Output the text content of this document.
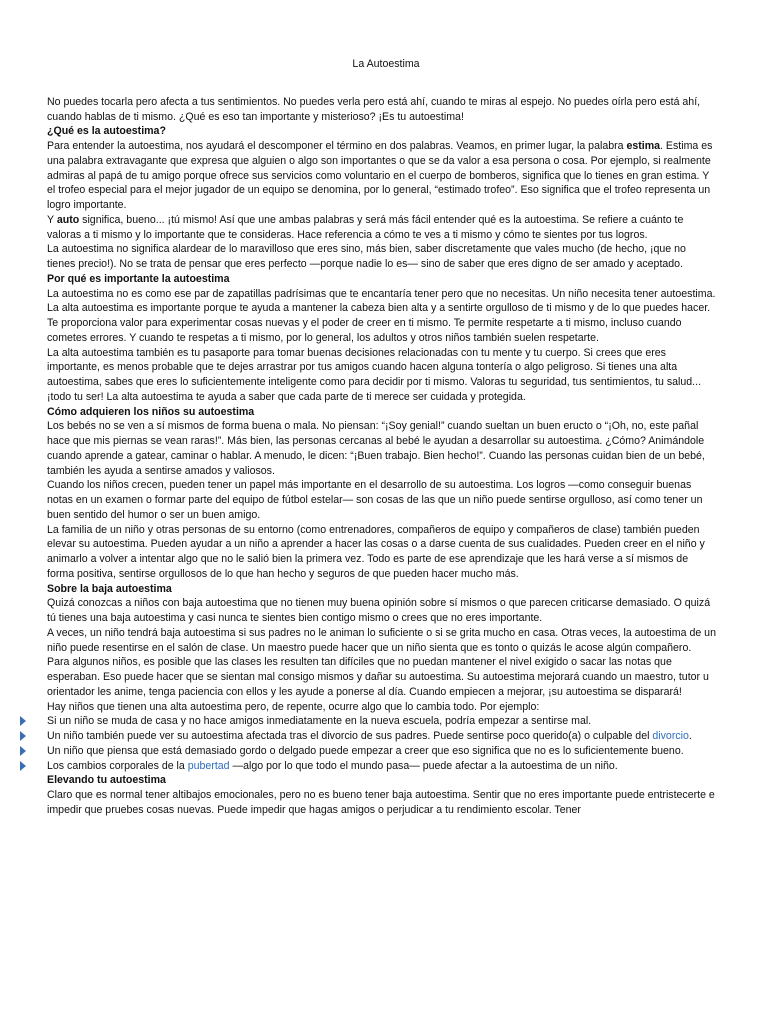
La Autoestima

No puedes tocarla pero afecta a tus sentimientos. No puedes verla pero está ahí, cuando te miras al espejo. No puedes oírla pero está ahí, cuando hablas de ti mismo. ¿Qué es eso tan importante y misterioso? ¡Es tu autoestima!

¿Qué es la autoestima?

Para entender la autoestima, nos ayudará el descomponer el término en dos palabras. Veamos, en primer lugar, la palabra estima. Estima es una palabra extravagante que expresa que alguien o algo son importantes o que se da valor a esa persona o cosa. Por ejemplo, si realmente admiras al papá de tu amigo porque ofrece sus servicios como voluntario en el cuerpo de bomberos, significa que lo tienes en gran estima. Y el trofeo especial para el mejor jugador de un equipo se denomina, por lo general, “estimado trofeo”. Eso significa que el trofeo representa un logro importante.

Y auto significa, bueno... ¡tú mismo! Así que une ambas palabras y será más fácil entender qué es la autoestima. Se refiere a cuánto te valoras a ti mismo y lo importante que te consideras. Hace referencia a cómo te ves a ti mismo y cómo te sientes por tus logros.

La autoestima no significa alardear de lo maravilloso que eres sino, más bien, saber discretamente que vales mucho (de hecho, ¡que no tienes precio!). No se trata de pensar que eres perfecto —porque nadie lo es— sino de saber que eres digno de ser amado y aceptado.

Por qué es importante la autoestima

La autoestima no es como ese par de zapatillas padrísimas que te encantaría tener pero que no necesitas. Un niño necesita tener autoestima. La alta autoestima es importante porque te ayuda a mantener la cabeza bien alta y a sentirte orgulloso de ti mismo y de lo que puedes hacer. Te proporciona valor para experimentar cosas nuevas y el poder de creer en ti mismo. Te permite respetarte a ti mismo, incluso cuando cometes errores. Y cuando te respetas a ti mismo, por lo general, los adultos y otros niños también suelen respetarte.

La alta autoestima también es tu pasaporte para tomar buenas decisiones relacionadas con tu mente y tu cuerpo. Si crees que eres importante, es menos probable que te dejes arrastrar por tus amigos cuando hacen alguna tontería o algo peligroso. Si tienes una alta autoestima, sabes que eres lo suficientemente inteligente como para decidir por ti mismo. Valoras tu seguridad, tus sentimientos, tu salud... ¡todo tu ser! La alta autoestima te ayuda a saber que cada parte de ti merece ser cuidada y protegida.

Cómo adquieren los niños su autoestima

Los bebés no se ven a sí mismos de forma buena o mala. No piensan: “¡Soy genial!” cuando sueltan un buen eructo o “¡Oh, no, este pañal hace que mis piernas se vean raras!”. Más bien, las personas cercanas al bebé le ayudan a desarrollar su autoestima. ¿Cómo? Animándole cuando aprende a gatear, caminar o hablar. A menudo, le dicen: “¡Buen trabajo. Bien hecho!”. Cuando las personas cuidan bien de un bebé, también les ayuda a sentirse amados y valiosos.

Cuando los niños crecen, pueden tener un papel más importante en el desarrollo de su autoestima. Los logros —como conseguir buenas notas en un examen o formar parte del equipo de fútbol estelar— son cosas de las que un niño puede sentirse orgulloso, así como tener un buen sentido del humor o ser un buen amigo.

La familia de un niño y otras personas de su entorno (como entrenadores, compañeros de equipo y compañeros de clase) también pueden elevar su autoestima. Pueden ayudar a un niño a aprender a hacer las cosas o a darse cuenta de sus cualidades. Pueden creer en el niño y animarlo a volver a intentar algo que no le salió bien la primera vez. Todo es parte de ese aprendizaje que les hará verse a sí mismos de forma positiva, sentirse orgullosos de lo que han hecho y seguros de que pueden hacer mucho más.

Sobre la baja autoestima

Quizá conozcas a niños con baja autoestima que no tienen muy buena opinión sobre sí mismos o que parecen criticarse demasiado. O quizá tú tienes una baja autoestima y casi nunca te sientes bien contigo mismo o crees que no eres importante.

A veces, un niño tendrá baja autoestima si sus padres no le animan lo suficiente o si se grita mucho en casa. Otras veces, la autoestima de un niño puede resentirse en el salón de clase. Un maestro puede hacer que un niño sienta que es tonto o quizás le acose algún compañero.

Para algunos niños, es posible que las clases les resulten tan difíciles que no puedan mantener el nivel exigido o sacar las notas que esperaban. Eso puede hacer que se sientan mal consigo mismos y dañar su autoestima. Su autoestima mejorará cuando un maestro, tutor u orientador les anime, tenga paciencia con ellos y les ayude a ponerse al día. Cuando empiecen a mejorar, ¡su autoestima se disparará!

Hay niños que tienen una alta autoestima pero, de repente, ocurre algo que lo cambia todo. Por ejemplo:

Si un niño se muda de casa y no hace amigos inmediatamente en la nueva escuela, podría empezar a sentirse mal.
Un niño también puede ver su autoestima afectada tras el divorcio de sus padres. Puede sentirse poco querido(a) o culpable del divorcio.
Un niño que piensa que está demasiado gordo o delgado puede empezar a creer que eso significa que no es lo suficientemente bueno.
Los cambios corporales de la pubertad —algo por lo que todo el mundo pasa— puede afectar a la autoestima de un niño.

Elevando tu autoestima

Claro que es normal tener altibajos emocionales, pero no es bueno tener baja autoestima. Sentir que no eres importante puede entristecerte e impedir que pruebes cosas nuevas. Puede impedir que hagas amigos o perjudicar a tu rendimiento escolar. Tener
